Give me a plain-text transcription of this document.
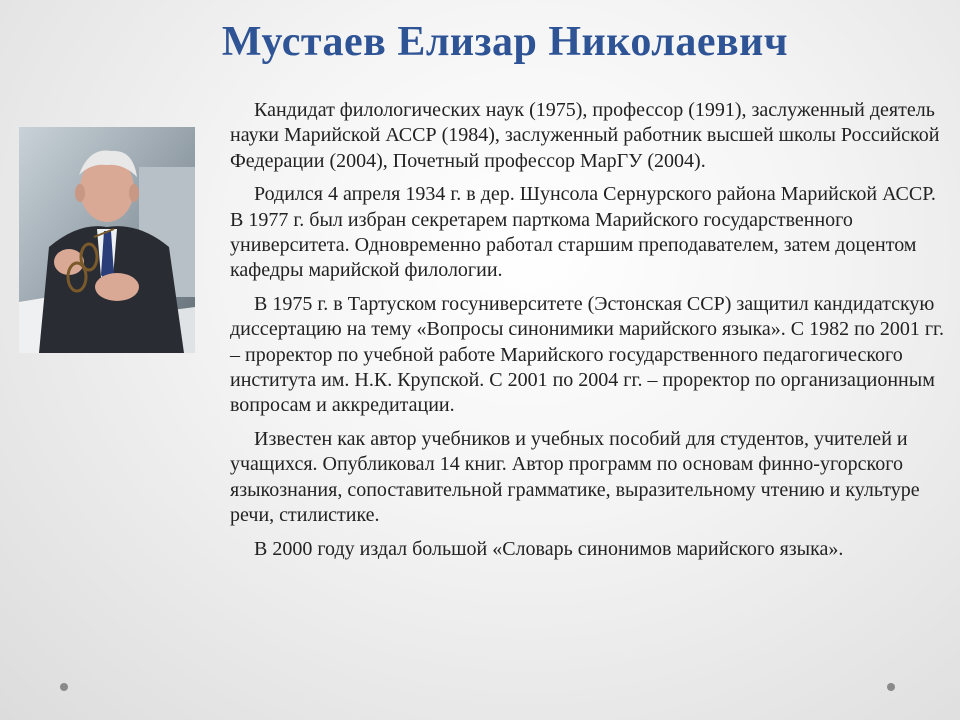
Мустаев Елизар Николаевич

Кандидат филологических наук (1975), профессор (1991), заслуженный деятель науки Марийской АССР (1984), заслуженный работник высшей школы Российской Федерации (2004), Почетный профессор МарГУ (2004).

Родился 4 апреля 1934 г. в дер. Шунсола Сернурского района Марийской АССР. В 1977 г. был избран секретарем парткома Марийского государственного университета. Одновременно работал старшим преподавателем, затем доцентом кафедры марийской филологии.

В 1975 г. в Тартуском госуниверситете (Эстонская ССР) защитил кандидатскую диссертацию на тему «Вопросы синонимики марийского языка». С 1982 по 2001 гг. – проректор по учебной работе Марийского государственного педагогического института им. Н.К. Крупской. С 2001 по 2004 гг. – проректор по организационным вопросам и аккредитации.

Известен как автор учебников и учебных пособий для студентов, учителей и учащихся. Опубликовал 14 книг. Автор программ по основам финно-угорского языкознания, сопоставительной грамматике, выразительному чтению и культуре речи, стилистике.

В 2000 году издал большой «Словарь синонимов марийского языка».
